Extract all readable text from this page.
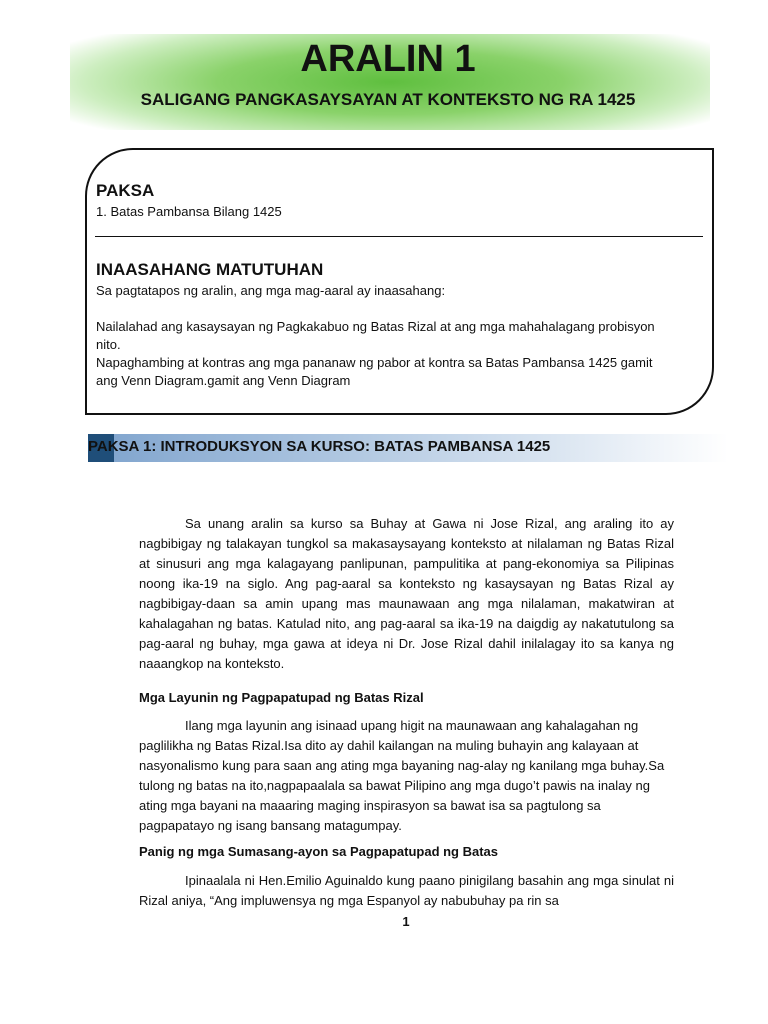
ARALIN 1
SALIGANG PANGKASAYSAYAN AT KONTEKSTO NG RA 1425
PAKSA
1. Batas Pambansa Bilang 1425
INAASAHANG MATUTUHAN
Sa pagtatapos ng aralin, ang mga mag-aaral ay inaasahang:
Nailalahad ang kasaysayan ng Pagkakabuo ng Batas Rizal at ang mga mahahalagang probisyon
nito.
Napaghambing at kontras ang mga pananaw ng pabor at kontra sa Batas Pambansa 1425 gamit
ang Venn Diagram.gamit ang Venn Diagram
PAKSA 1: INTRODUKSYON SA KURSO: BATAS PAMBANSA 1425
Sa unang aralin sa kurso sa Buhay at Gawa ni Jose Rizal, ang araling ito ay nagbibigay ng talakayan tungkol sa makasaysayang konteksto at nilalaman ng Batas Rizal at sinusuri ang mga kalagayang panlipunan, pampulitika at pang-ekonomiya sa Pilipinas noong ika-19 na siglo. Ang pag-aaral sa konteksto ng kasaysayan ng Batas Rizal ay nagbibigay-daan sa amin upang mas maunawaan ang mga nilalaman, makatwiran at kahalagahan ng batas. Katulad nito, ang pag-aaral sa ika-19 na daigdig ay nakatutulong sa pag-aaral ng buhay, mga gawa at ideya ni Dr. Jose Rizal dahil inilalagay ito sa kanya ng naaangkop na konteksto.
Mga Layunin ng Pagpapatupad ng Batas Rizal
Ilang mga layunin ang isinaad upang higit na maunawaan ang kahalagahan ng paglilikha ng Batas Rizal.Isa dito ay dahil kailangan na muling buhayin ang kalayaan at nasyonalismo kung para saan ang ating mga bayaning nag-alay ng kanilang mga buhay.Sa tulong ng batas na ito,nagpapaalala sa bawat Pilipino ang mga dugo’t pawis na inalay ng ating mga bayani na maaaring maging inspirasyon sa bawat isa sa pagtulong sa pagpapatayo ng isang bansang matagumpay.
Panig ng mga Sumasang-ayon sa Pagpapatupad ng Batas
Ipinaalala ni Hen.Emilio Aguinaldo kung paano pinigilang basahin ang mga sinulat ni Rizal aniya, “Ang impluwensya ng mga Espanyol ay nabubuhay pa rin sa
1
